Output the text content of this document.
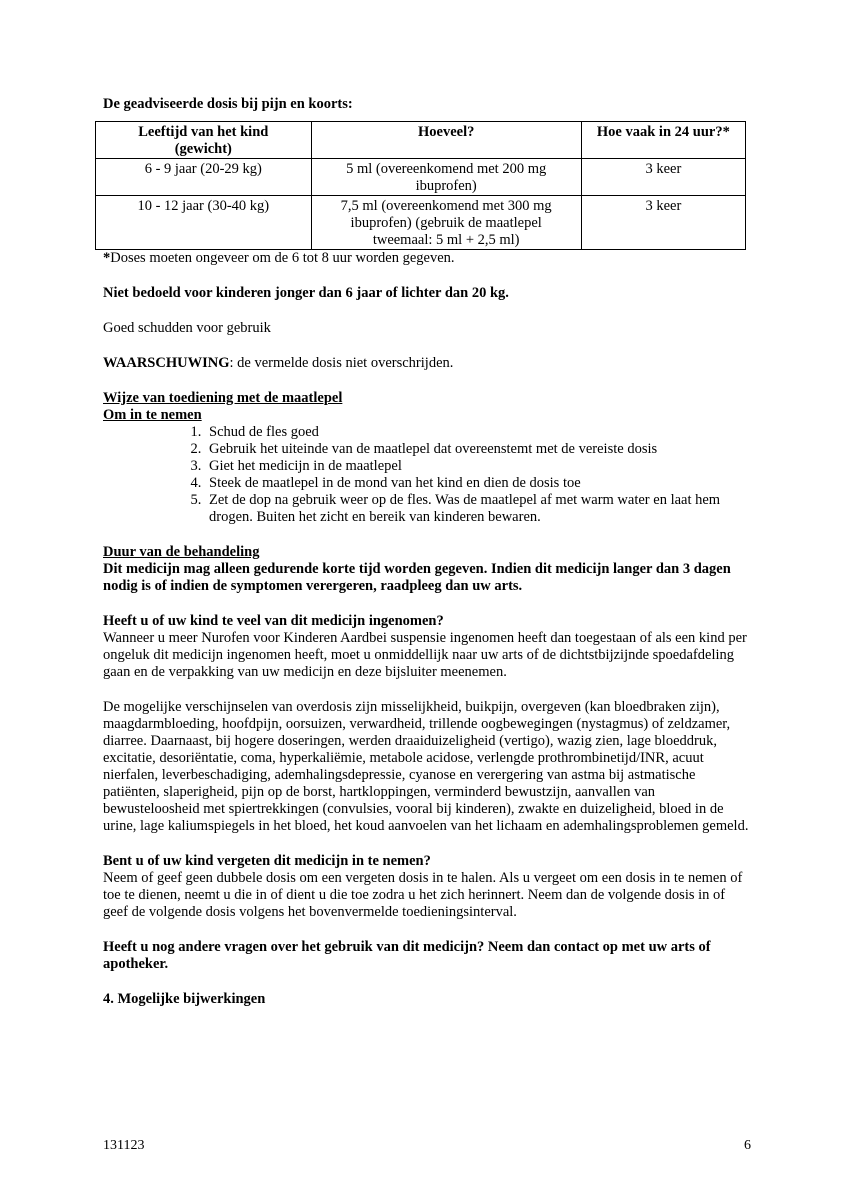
De geadviseerde dosis bij pijn en koorts:

Leeftijd van het kind (gewicht)	Hoeveel?	Hoe vaak in 24 uur?*
6 - 9 jaar (20-29 kg)	5 ml (overeenkomend met 200 mg ibuprofen)	3 keer
10 - 12 jaar (30-40 kg)	7,5 ml (overeenkomend met 300 mg ibuprofen) (gebruik de maatlepel tweemaal: 5 ml + 2,5 ml)	3 keer

*Doses moeten ongeveer om de 6 tot 8 uur worden gegeven.

Niet bedoeld voor kinderen jonger dan 6 jaar of lichter dan 20 kg.

Goed schudden voor gebruik

WAARSCHUWING: de vermelde dosis niet overschrijden.

Wijze van toediening met de maatlepel

Om in te nemen

1. Schud de fles goed
2. Gebruik het uiteinde van de maatlepel dat overeenstemt met de vereiste dosis
3. Giet het medicijn in de maatlepel
4. Steek de maatlepel in de mond van het kind en dien de dosis toe
5. Zet de dop na gebruik weer op de fles. Was de maatlepel af met warm water en laat hem drogen. Buiten het zicht en bereik van kinderen bewaren.

Duur van de behandeling

Dit medicijn mag alleen gedurende korte tijd worden gegeven. Indien dit medicijn langer dan 3 dagen nodig is of indien de symptomen verergeren, raadpleeg dan uw arts.

Heeft u of uw kind te veel van dit medicijn ingenomen?

Wanneer u meer Nurofen voor Kinderen Aardbei suspensie ingenomen heeft dan toegestaan of als een kind per ongeluk dit medicijn ingenomen heeft, moet u onmiddellijk naar uw arts of de dichtstbijzijnde spoedafdeling gaan en de verpakking van uw medicijn en deze bijsluiter meenemen.

De mogelijke verschijnselen van overdosis zijn misselijkheid, buikpijn, overgeven (kan bloedbraken zijn), maagdarmbloeding, hoofdpijn, oorsuizen, verwardheid, trillende oogbewegingen (nystagmus) of zeldzamer, diarree. Daarnaast, bij hogere doseringen, werden draaiduizeligheid (vertigo), wazig zien, lage bloeddruk, excitatie, desoriëntatie, coma, hyperkaliëmie, metabole acidose, verlengde prothrombinetijd/INR, acuut nierfalen, leverbeschadiging, ademhalingsdepressie, cyanose en verergering van astma bij astmatische patiënten, slaperigheid, pijn op de borst, hartkloppingen, verminderd bewustzijn, aanvallen van bewusteloosheid met spiertrekkingen (convulsies, vooral bij kinderen), zwakte en duizeligheid, bloed in de urine, lage kaliumspiegels in het bloed, het koud aanvoelen van het lichaam en ademhalingsproblemen gemeld.

Bent u of uw kind vergeten dit medicijn in te nemen?

Neem of geef geen dubbele dosis om een vergeten dosis in te halen. Als u vergeet om een dosis in te nemen of toe te dienen, neemt u die in of dient u die toe zodra u het zich herinnert. Neem dan de volgende dosis in of geef de volgende dosis volgens het bovenvermelde toedieningsinterval.

Heeft u nog andere vragen over het gebruik van dit medicijn? Neem dan contact op met uw arts of apotheker.

4. Mogelijke bijwerkingen

131123	6
